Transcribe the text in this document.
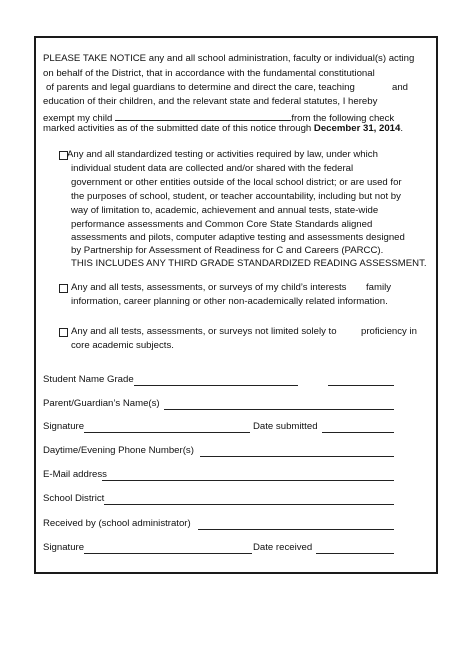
PLEASE TAKE NOTICE any and all school administration, faculty or individual(s) acting
on behalf of the District, that in accordance with the fundamental constitutional
of parents and legal guardians to determine and direct the care, teaching	and
education of their children, and the relevant state and federal statutes, I hereby
exempt my child	from the following check
marked activities as of the submitted date of this notice through December 31, 2014.
Any and all standardized testing or activities required by law, under which
individual student data are collected and/or shared with the federal
government or other entities outside of the local school district; or are used for
the purposes of school, student, or teacher accountability, including but not by
way of limitation to, academic, achievement and annual tests, state-wide
performance assessments and Common Core State Standards aligned
assessments and pilots, computer adaptive testing and assessments designed
by Partnership for Assessment of Readiness for C and Careers (PARCC).
THIS INCLUDES ANY THIRD GRADE STANDARDIZED READING ASSESSMENT.
Any and all tests, assessments, or surveys of my child’s interests family
information, career planning or other non-academically related information.
Any and all tests, assessments, or surveys not limited solely to	proficiency in
core academic subjects.
Student Name Grade
Parent/Guardian’s Name(s)
Signature	Date submitted
Daytime/Evening Phone Number(s)
E-Mail address
School District
Received by (school administrator)
Signature	Date received
